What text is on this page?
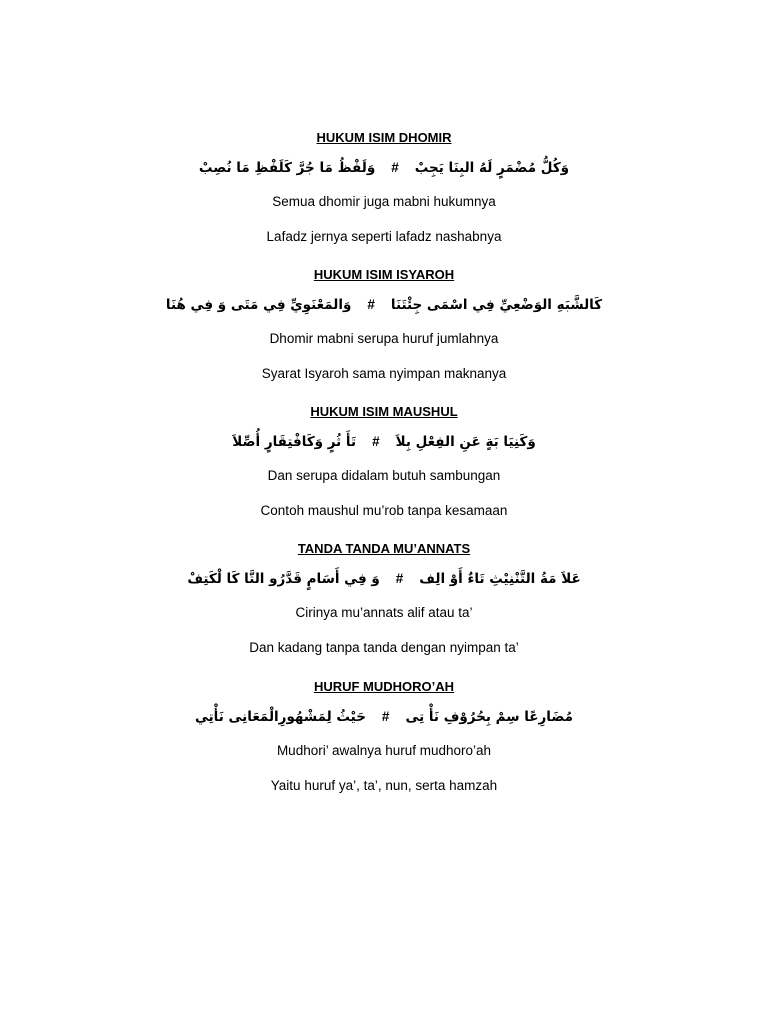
HUKUM ISIM DHOMIR
وَكُلُّ مُضْمَرٍ لَهُ البِنَا يَجِبْ#وَلَفْظُ مَا جُرَّ كَلَفْظِ مَا نُصِبْ
Semua dhomir juga mabni hukumnya
Lafadz jernya seperti lafadz nashabnya
HUKUM ISIM ISYAROH
كَالشَّبَهِ الوَضْعِيِّ فِي اسْمَى جِئْتَنَا#وَالمَعْنَوِيِّ فِي مَتَى وَ فِي هُنَا
Dhomir mabni serupa huruf jumlahnya
Syarat Isyaroh sama nyimpan maknanya
HUKUM ISIM MAUSHUL
وَكَنِيَا بَةٍ عَنِ الفِعْلِ بِلاَ#تَأَ ثُرٍ وَكَافْتِقَارٍ أُصِّلاَ
Dan serupa didalam butuh sambungan
Contoh maushul mu’rob tanpa kesamaan
TANDA TANDA MU’ANNATS
عَلاَ مَةُ التَّنْنِيْثِ تَاءٌ أَوْ الِف#وَ فِي أَسَامٍ قَدَّرُو التَّا كَا لْكَتِفْ
Cirinya mu’annats alif atau ta’
Dan kadang tanpa tanda dengan nyimpan ta’
HURUF MUDHORO’AH
مُضَارِعًا سِمْ بِحُرُوْفِ نَأْ تِى#حَيْثُ لِمَشْهُورِالْمَعَانِى نَأْتِي
Mudhori’ awalnya huruf mudhoro’ah
Yaitu huruf ya’, ta’, nun, serta hamzah
